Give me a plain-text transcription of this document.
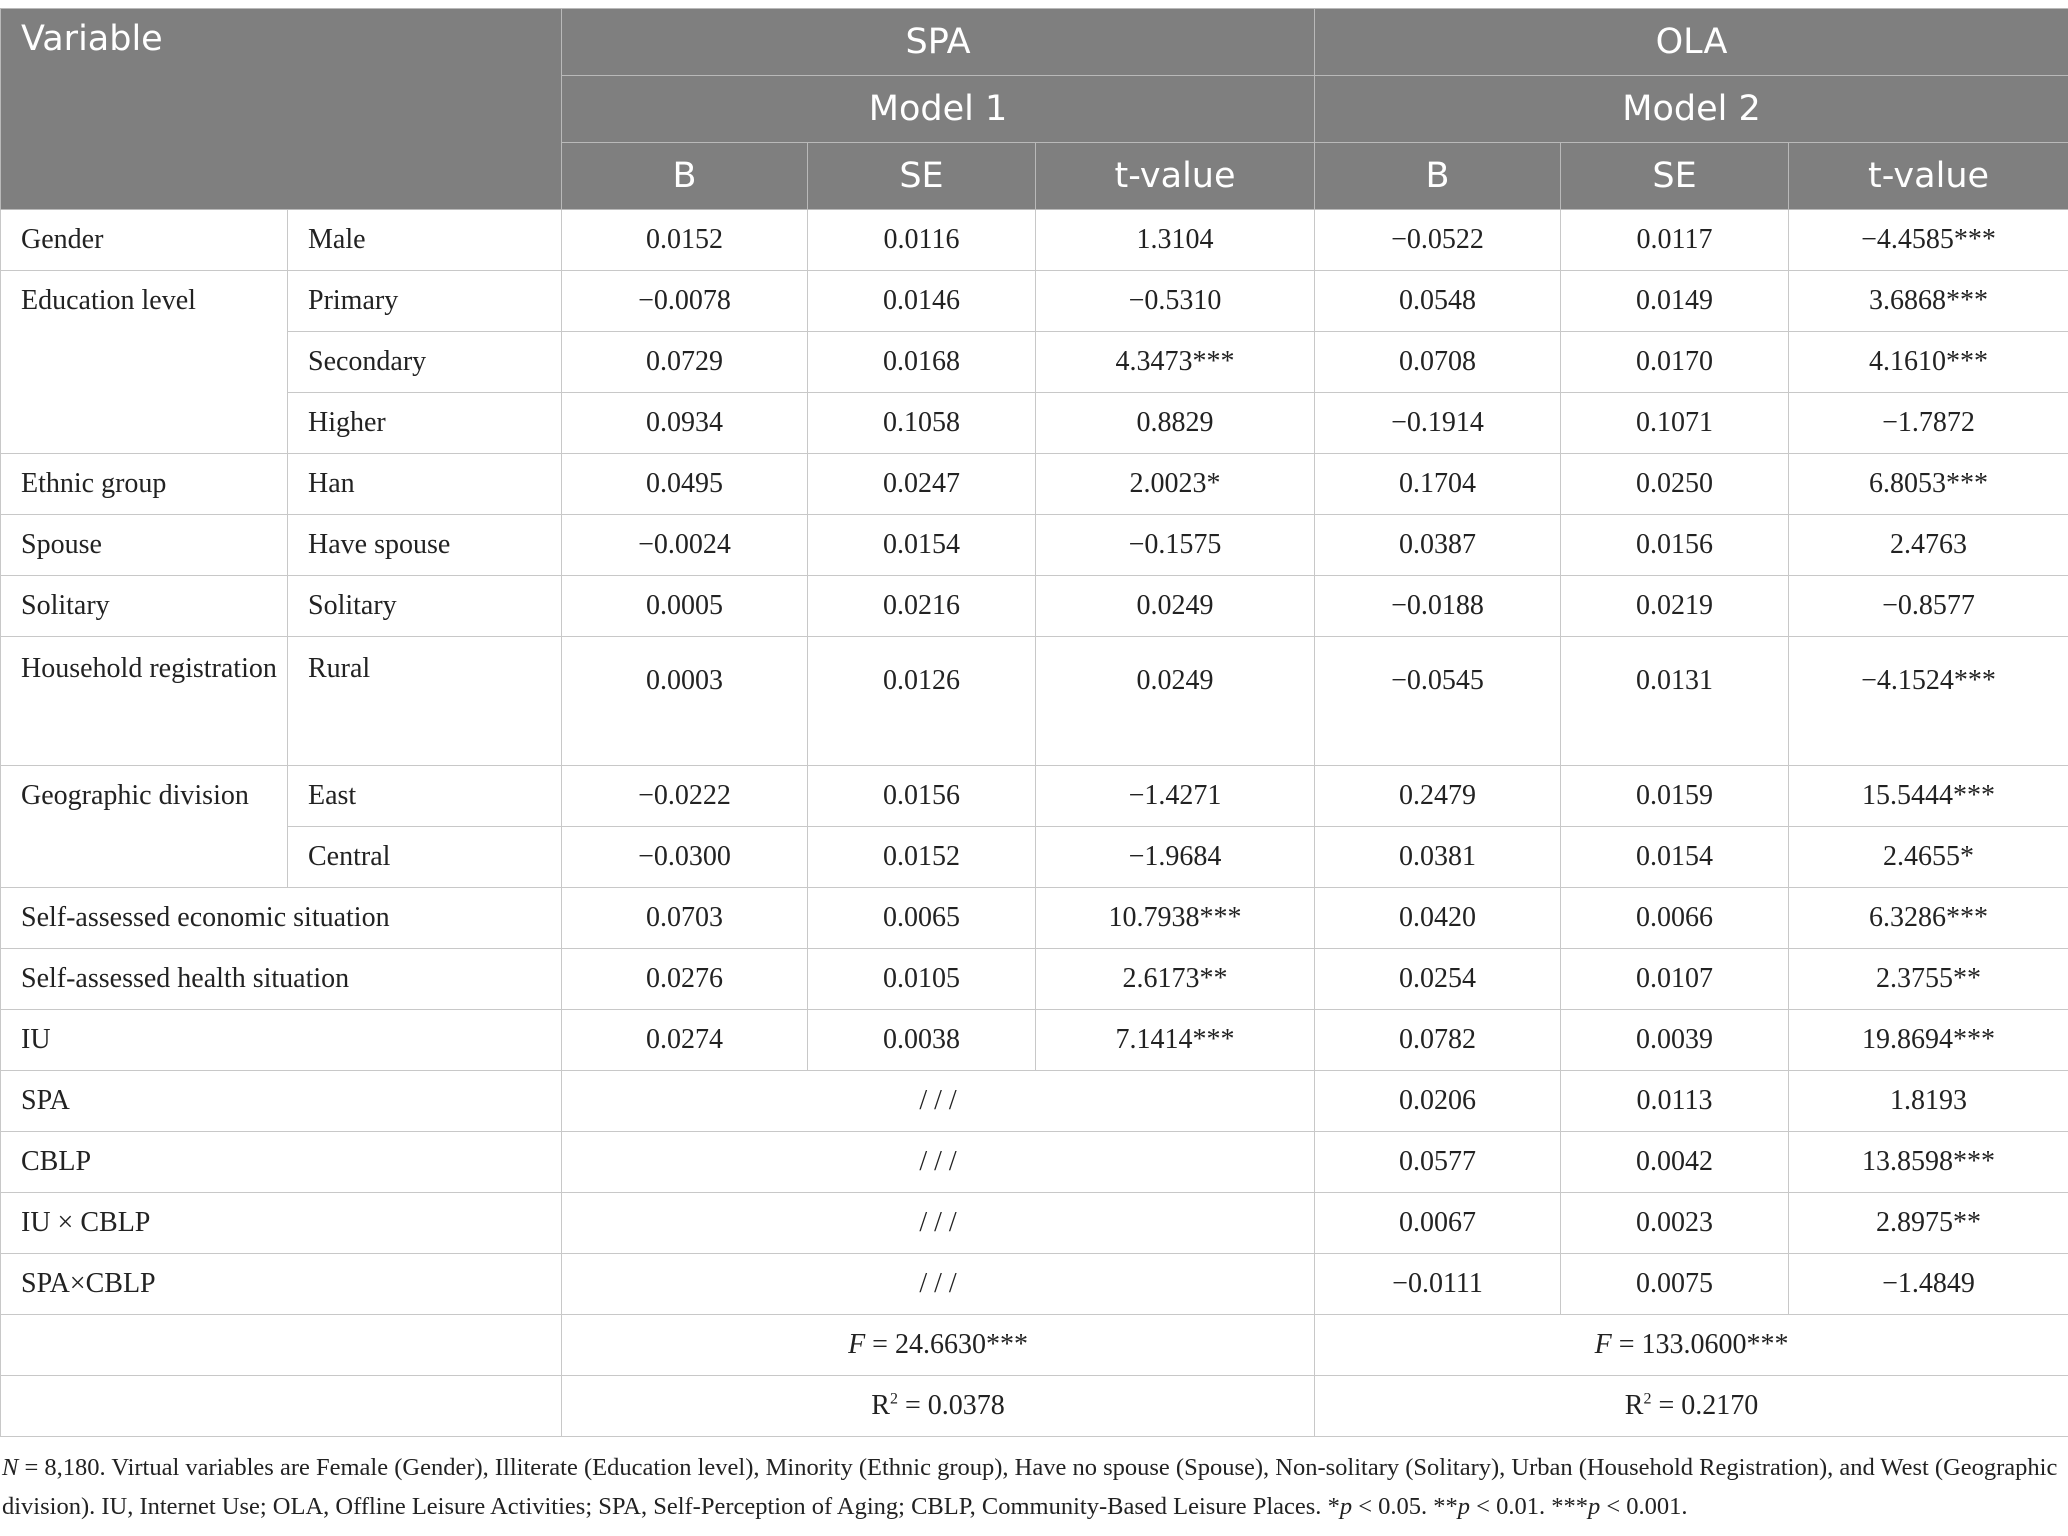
Variable		SPA			OLA		
		Model 1			Model 2		
		B	SE	t-value	B	SE	t-value
Gender	Male	0.0152	0.0116	1.3104	−0.0522	0.0117	−4.4585***
Education level	Primary	−0.0078	0.0146	−0.5310	0.0548	0.0149	3.6868***
	Secondary	0.0729	0.0168	4.3473***	0.0708	0.0170	4.1610***
	Higher	0.0934	0.1058	0.8829	−0.1914	0.1071	−1.7872
Ethnic group	Han	0.0495	0.0247	2.0023*	0.1704	0.0250	6.8053***
Spouse	Have spouse	−0.0024	0.0154	−0.1575	0.0387	0.0156	2.4763
Solitary	Solitary	0.0005	0.0216	0.0249	−0.0188	0.0219	−0.8577
Household registration	Rural	0.0003	0.0126	0.0249	−0.0545	0.0131	−4.1524***
Geographic division	East	−0.0222	0.0156	−1.4271	0.2479	0.0159	15.5444***
	Central	−0.0300	0.0152	−1.9684	0.0381	0.0154	2.4655*
Self-assessed economic situation		0.0703	0.0065	10.7938***	0.0420	0.0066	6.3286***
Self-assessed health situation		0.0276	0.0105	2.6173**	0.0254	0.0107	2.3755**
IU		0.0274	0.0038	7.1414***	0.0782	0.0039	19.8694***
SPA		/ / /			0.0206	0.0113	1.8193
CBLP		/ / /			0.0577	0.0042	13.8598***
IU × CBLP		/ / /			0.0067	0.0023	2.8975**
SPA×CBLP		/ / /			−0.0111	0.0075	−1.4849
		F = 24.6630***			F = 133.0600***		
		$R^2 = 0.0378$			$R^2 = 0.2170$		
N = 8,180. Virtual variables are Female (Gender), Illiterate (Education level), Minority (Ethnic group), Have no spouse (Spouse), Non-solitary (Solitary), Urban (Household Registration), and West (Geographic division). IU, Internet Use; OLA, Offline Leisure Activities; SPA, Self-Perception of Aging; CBLP, Community-Based Leisure Places. *p < 0.05. **p < 0.01. ***p < 0.001.
